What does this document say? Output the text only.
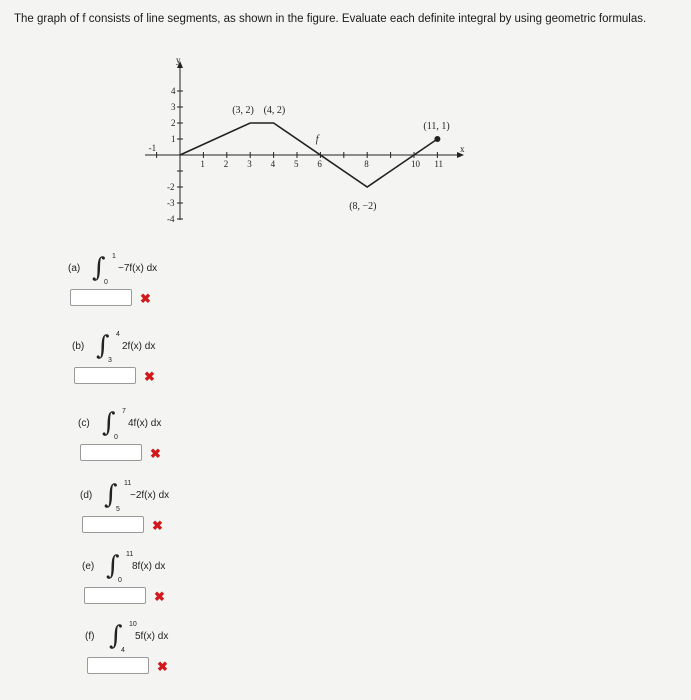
The graph of f consists of line segments, as shown in the figure. Evaluate each definite integral by using geometric formulas.
y
x
-1
1 2 3 4 5 6	8	10 11
4
3
2
1
-2
-3
-4
f
(3, 2) (4, 2)
(8, −2)
(11, 1)
(a) ∫ 1
0
−7f(x) dx
✖
(b) ∫ 4
3
2f(x) dx
✖
(c) ∫ 7
0
4f(x) dx
✖
(d) ∫ 11
5
−2f(x) dx
✖
(e) ∫ 11
0
8f(x) dx
✖
(f) ∫ 10
4
5f(x) dx
✖
